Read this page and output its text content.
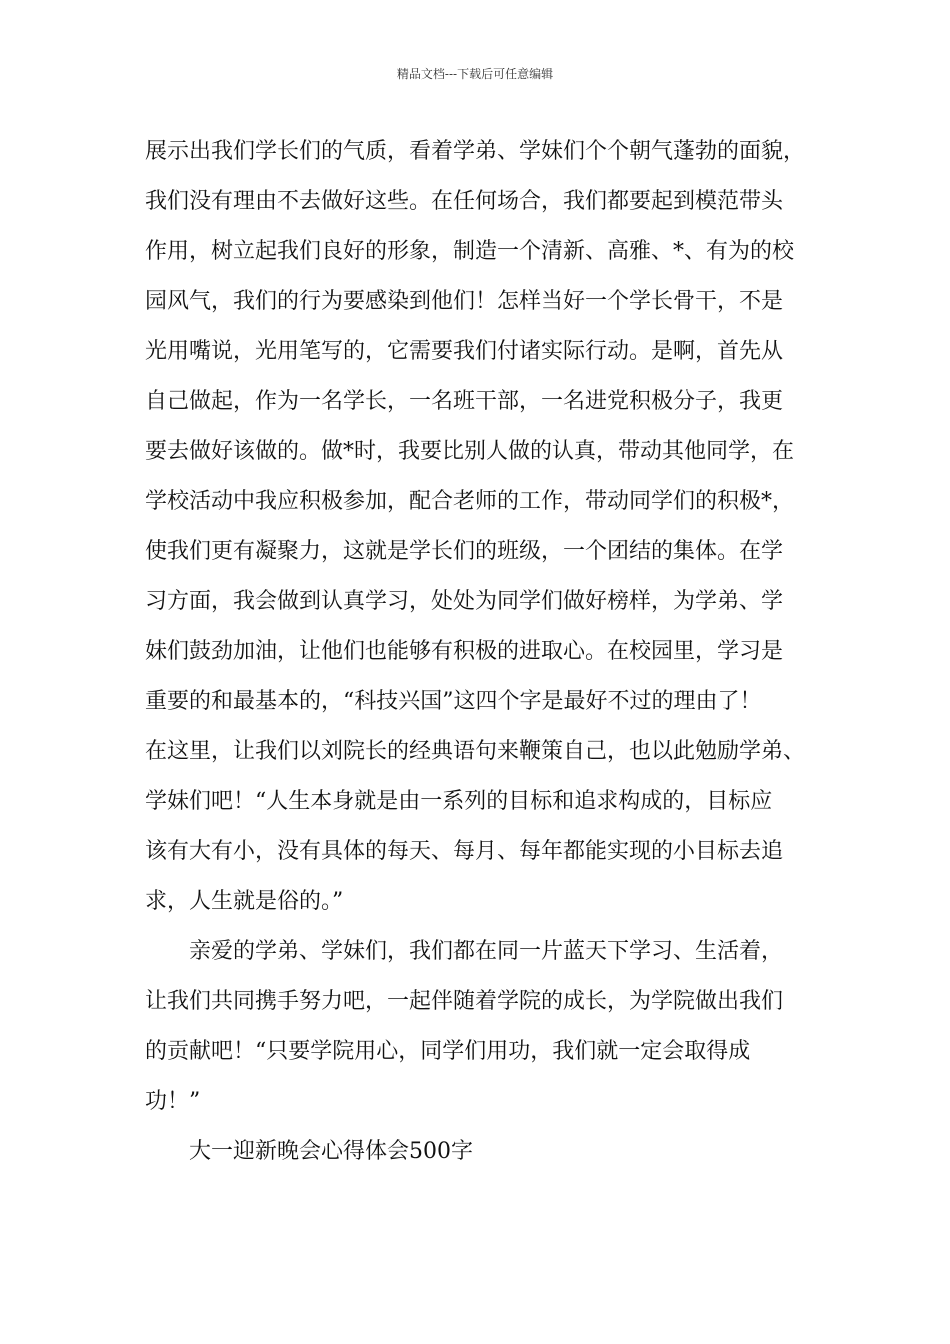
精品文档---下载后可任意编辑
展示出我们学长们的气质，看着学弟、学妹们个个朝气蓬勃的面貌，
我们没有理由不去做好这些。在任何场合，我们都要起到模范带头
作用，树立起我们良好的形象，制造一个清新、高雅、*、有为的校
园风气，我们的行为要感染到他们！怎样当好一个学长骨干，不是
光用嘴说，光用笔写的，它需要我们付诸实际行动。是啊，首先从
自己做起，作为一名学长，一名班干部，一名进党积极分子，我更
要去做好该做的。做*时，我要比别人做的认真，带动其他同学，在
学校活动中我应积极参加，配合老师的工作，带动同学们的积极*，
使我们更有凝聚力，这就是学长们的班级，一个团结的集体。在学
习方面，我会做到认真学习，处处为同学们做好榜样，为学弟、学
妹们鼓劲加油，让他们也能够有积极的进取心。在校园里，学习是
重要的和最基本的，“科技兴国”这四个字是最好不过的理由了！
在这里，让我们以刘院长的经典语句来鞭策自己，也以此勉励学弟、
学妹们吧！“人生本身就是由一系列的目标和追求构成的，目标应
该有大有小，没有具体的每天、每月、每年都能实现的小目标去追
求，人生就是俗的。”
亲爱的学弟、学妹们，我们都在同一片蓝天下学习、生活着，
让我们共同携手努力吧，一起伴随着学院的成长，为学院做出我们
的贡献吧！“只要学院用心，同学们用功，我们就一定会取得成
功！”
大一迎新晚会心得体会500字
